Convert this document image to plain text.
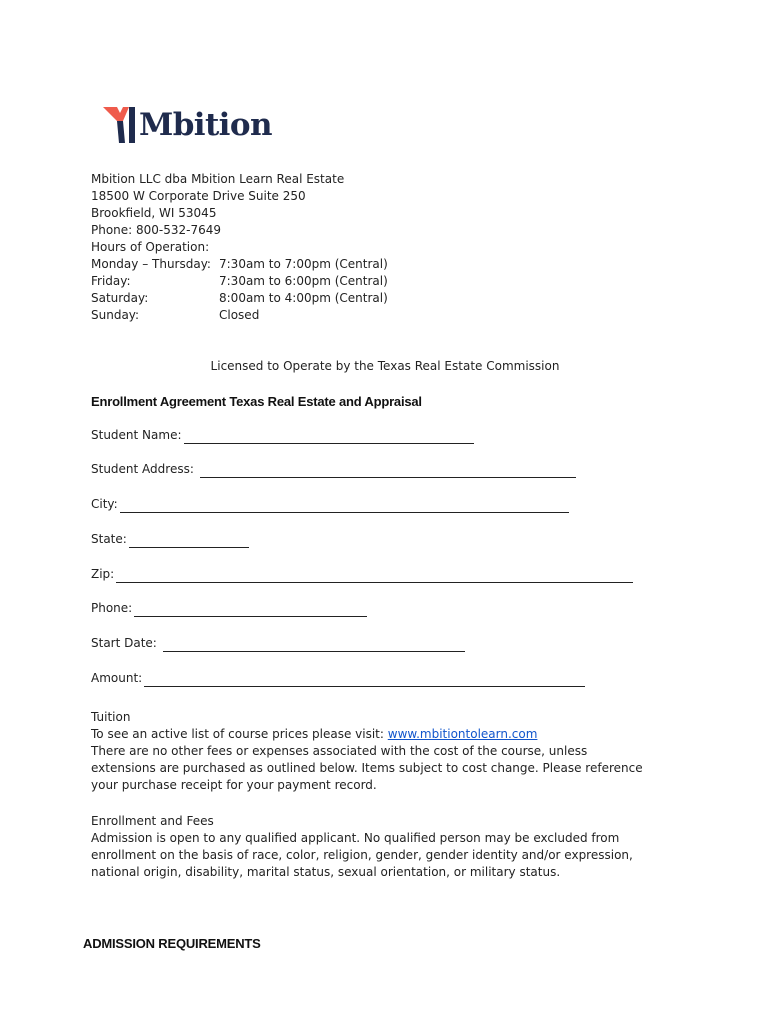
Mbition
Mbition LLC dba Mbition Learn Real Estate
18500 W Corporate Drive Suite 250
Brookfield, WI 53045
Phone: 800-532-7649
Hours of Operation:
Monday – Thursday: 7:30am to 7:00pm (Central)
Friday:	7:30am to 6:00pm (Central)
Saturday:	8:00am to 4:00pm (Central)
Sunday:	Closed
Licensed to Operate by the Texas Real Estate Commission
Enrollment Agreement Texas Real Estate and Appraisal
Student Name:
Student Address:
City:
State:
Zip:
Phone:
Start Date:
Amount:

Tuition

To see an active list of course prices please visit: www.mbitiontolearn.com

There are no other fees or expenses associated with the cost of the course, unless extensions are purchased as outlined below. Items subject to cost change. Please reference your purchase receipt for your payment record.

Enrollment and Fees

Admission is open to any qualified applicant. No qualified person may be excluded from enrollment on the basis of race, color, religion, gender, gender identity and/or expression, national origin, disability, marital status, sexual orientation, or military status.

ADMISSION REQUIREMENTS
